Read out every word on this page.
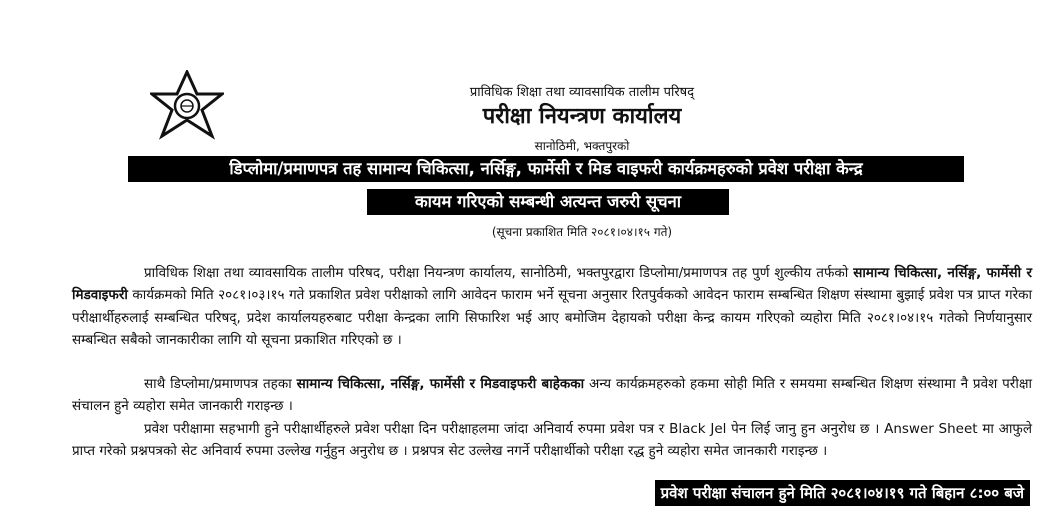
प्राविधिक शिक्षा तथा व्यावसायिक तालीम परिषद्
परीक्षा नियन्त्रण कार्यालय
सानोठिमी, भक्तपुरको
डिप्लोमा/प्रमाणपत्र तह सामान्य चिकित्सा, नर्सिङ्ग, फार्मेसी र मिड वाइफरी कार्यक्रमहरुको प्रवेश परीक्षा केन्द्र
कायम गरिएको सम्बन्धी अत्यन्त जरुरी सूचना
(सूचना प्रकाशित मिति २०८१।०४।१५ गते)

प्राविधिक शिक्षा तथा व्यावसायिक तालीम परिषद, परीक्षा नियन्त्रण कार्यालय, सानोठिमी, भक्तपुरद्वारा डिप्लोमा/प्रमाणपत्र तह पुर्ण शुल्कीय तर्फको सामान्य चिकित्सा, नर्सिङ्ग, फार्मेसी र मिडवाइफरी कार्यक्रमको मिति २०८१।०३।१५ गते प्रकाशित प्रवेश परीक्षाको लागि आवेदन फाराम भर्ने सूचना अनुसार रितपुर्वकको आवेदन फाराम सम्बन्धित शिक्षण संस्थामा बुझाई प्रवेश पत्र प्राप्त गरेका परीक्षार्थीहरुलाई सम्बन्धित परिषद्, प्रदेश कार्यालयहरुबाट परीक्षा केन्द्रका लागि सिफारिश भई आए बमोजिम देहायको परीक्षा केन्द्र कायम गरिएको व्यहोरा मिति २०८१।०४।१५ गतेको निर्णयानुसार सम्बन्धित सबैको जानकारीका लागि यो सूचना प्रकाशित गरिएको छ ।

साथै डिप्लोमा/प्रमाणपत्र तहका सामान्य चिकित्सा, नर्सिङ्ग, फार्मेसी र मिडवाइफरी बाहेकका अन्य कार्यक्रमहरुको हकमा सोही मिति र समयमा सम्बन्धित शिक्षण संस्थामा नै प्रवेश परीक्षा संचालन हुने व्यहोरा समेत जानकारी गराइन्छ ।

प्रवेश परीक्षामा सहभागी हुने परीक्षार्थीहरुले प्रवेश परीक्षा दिन परीक्षाहलमा जांदा अनिवार्य रुपमा प्रवेश पत्र र Black Jel पेन लिई जानु हुन अनुरोध छ । Answer Sheet मा आफुले प्राप्त गरेको प्रश्नपत्रको सेट अनिवार्य रुपमा उल्लेख गर्नुहुन अनुरोध छ । प्रश्नपत्र सेट उल्लेख नगर्ने परीक्षार्थीको परीक्षा रद्ध हुने व्यहोरा समेत जानकारी गराइन्छ ।

प्रवेश परीक्षा संचालन हुने मिति २०८१।०४।१९ गते बिहान ८:०० बजे
